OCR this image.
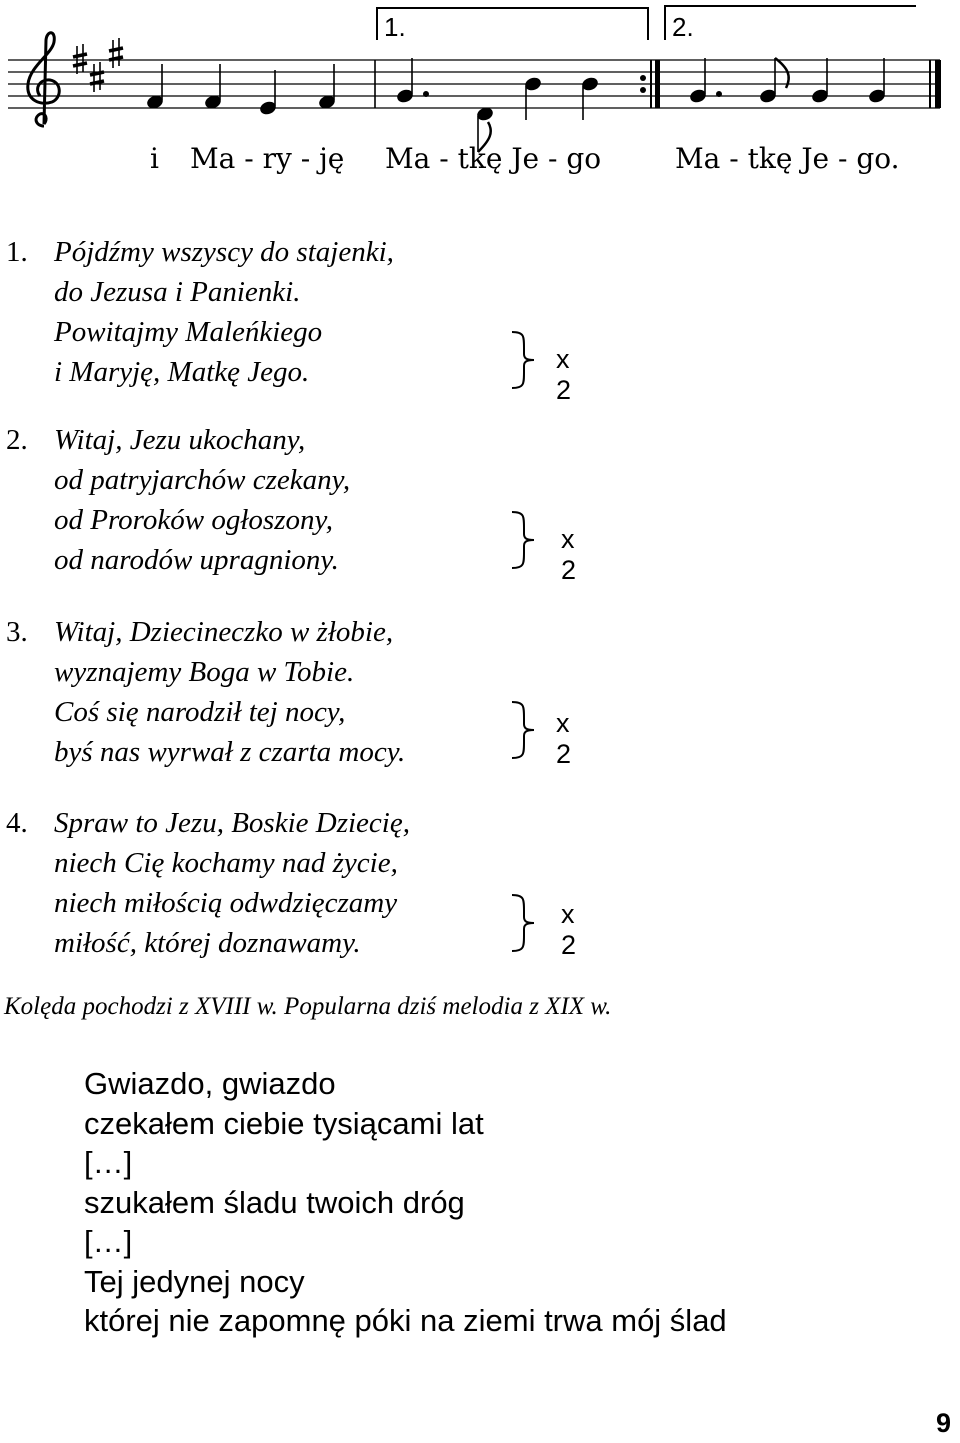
1.	2.
i Ma - ry - ję Ma - tkę Je - go	Ma - tkę Je - go.
1. Pójdźmy wszyscy do stajenki,
do Jezusa i Panienki.
Powitajmy Maleńkiego
i Maryję, Matkę Jego.	x 2
2. Witaj, Jezu ukochany,
od patryjarchów czekany,
od Proroków ogłoszony,
od narodów upragniony.
x 2
3. Witaj, Dziecineczko w żłobie,
wyznajemy Boga w Tobie.
Coś się narodził tej nocy,
byś nas wyrwał z czarta mocy.
x 2
4. Spraw to Jezu, Boskie Dziecię,
niech Cię kochamy nad życie,
niech miłością odwdzięczamy
miłość, której doznawamy.
x 2
Kolęda pochodzi z XVIII w. Popularna dziś melodia z XIX w.
Gwiazdo, gwiazdo
czekałem ciebie tysiącami lat
[…]
szukałem śladu twoich dróg
[…]
Tej jedynej nocy
której nie zapomnę póki na ziemi trwa mój ślad
9
